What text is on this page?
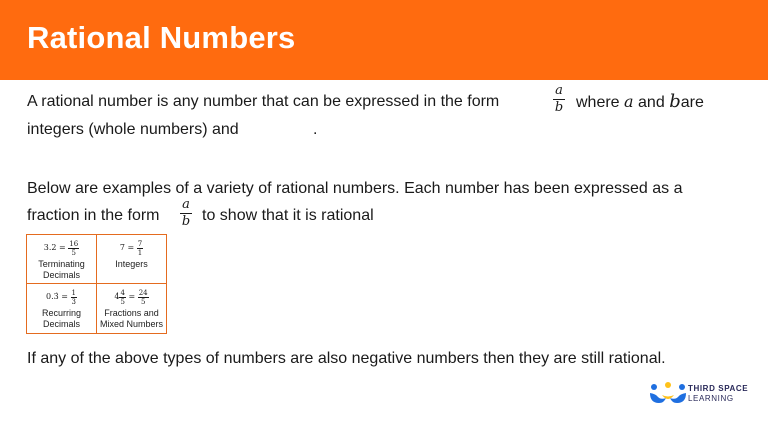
Rational Numbers
A rational number is any number that can be expressed in the form
a
b where a and bare
integers (whole numbers) and	.
Below are examples of a variety of rational numbers. Each number has been expressed as a
fraction in the form
a
b to show that it is rational
$3.2 = \frac{16}{5}$
Terminating
Decimals
$7 = \frac{7}{1}$
Integers
0.3̇ = $\frac{1}{3}$
Recurring
Decimals
$4 \frac{4}{5} = \frac{24}{5}$
Fractions and
Mixed Numbers
If any of the above types of numbers are also negative numbers then they are still rational.
THIRD SPACE
LEARNING
